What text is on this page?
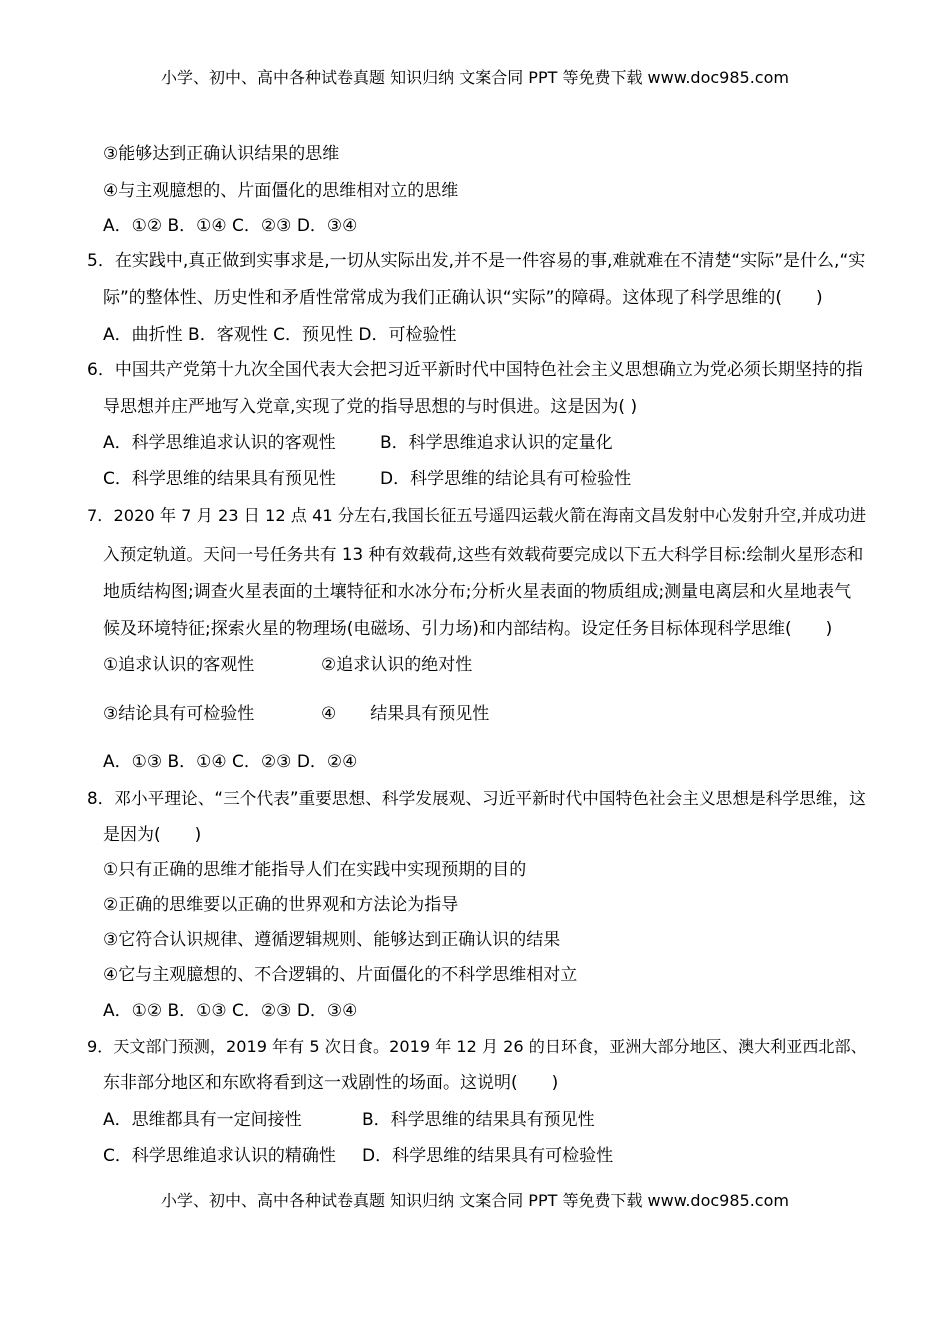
小学、初中、高中各种试卷真题 知识归纳 文案合同 PPT 等免费下载 www.doc985.com
③能够达到正确认识结果的思维
④与主观臆想的、片面僵化的思维相对立的思维
A．①② B．①④ C．②③ D．③④
5．在实践中,真正做到实事求是,一切从实际出发,并不是一件容易的事,难就难在不清楚“实际”是什么,“实
际”的整体性、历史性和矛盾性常常成为我们正确认识“实际”的障碍。这体现了科学思维的(　　)
A．曲折性 B．客观性 C．预见性 D．可检验性
6．中国共产党第十九次全国代表大会把习近平新时代中国特色社会主义思想确立为党必须长期坚持的指
导思想并庄严地写入党章,实现了党的指导思想的与时俱进。这是因为( )
A．科学思维追求认识的客观性	B．科学思维追求认识的定量化
C．科学思维的结果具有预见性	D．科学思维的结论具有可检验性
7．2020 年 7 月 23 日 12 点 41 分左右,我国长征五号遥四运载火箭在海南文昌发射中心发射升空,并成功进
入预定轨道。天问一号任务共有 13 种有效载荷,这些有效载荷要完成以下五大科学目标:绘制火星形态和
地质结构图;调查火星表面的土壤特征和水冰分布;分析火星表面的物质组成;测量电离层和火星地表气
候及环境特征;探索火星的物理场(电磁场、引力场)和内部结构。设定任务目标体现科学思维(　　)
①追求认识的客观性	②追求认识的绝对性
③结论具有可检验性	④　　结果具有预见性
A．①③ B．①④ C．②③ D．②④
8．邓小平理论、“三个代表”重要思想、科学发展观、习近平新时代中国特色社会主义思想是科学思维，这
是因为(　　)
①只有正确的思维才能指导人们在实践中实现预期的目的
②正确的思维要以正确的世界观和方法论为指导
③它符合认识规律、遵循逻辑规则、能够达到正确认识的结果
④它与主观臆想的、不合逻辑的、片面僵化的不科学思维相对立
A．①② B．①③ C．②③ D．③④
9．天文部门预测，2019 年有 5 次日食。2019 年 12 月 26 的日环食，亚洲大部分地区、澳大利亚西北部、
东非部分地区和东欧将看到这一戏剧性的场面。这说明(　　)
A．思维都具有一定间接性	B．科学思维的结果具有预见性
C．科学思维追求认识的精确性 D．科学思维的结果具有可检验性
小学、初中、高中各种试卷真题 知识归纳 文案合同 PPT 等免费下载 www.doc985.com
